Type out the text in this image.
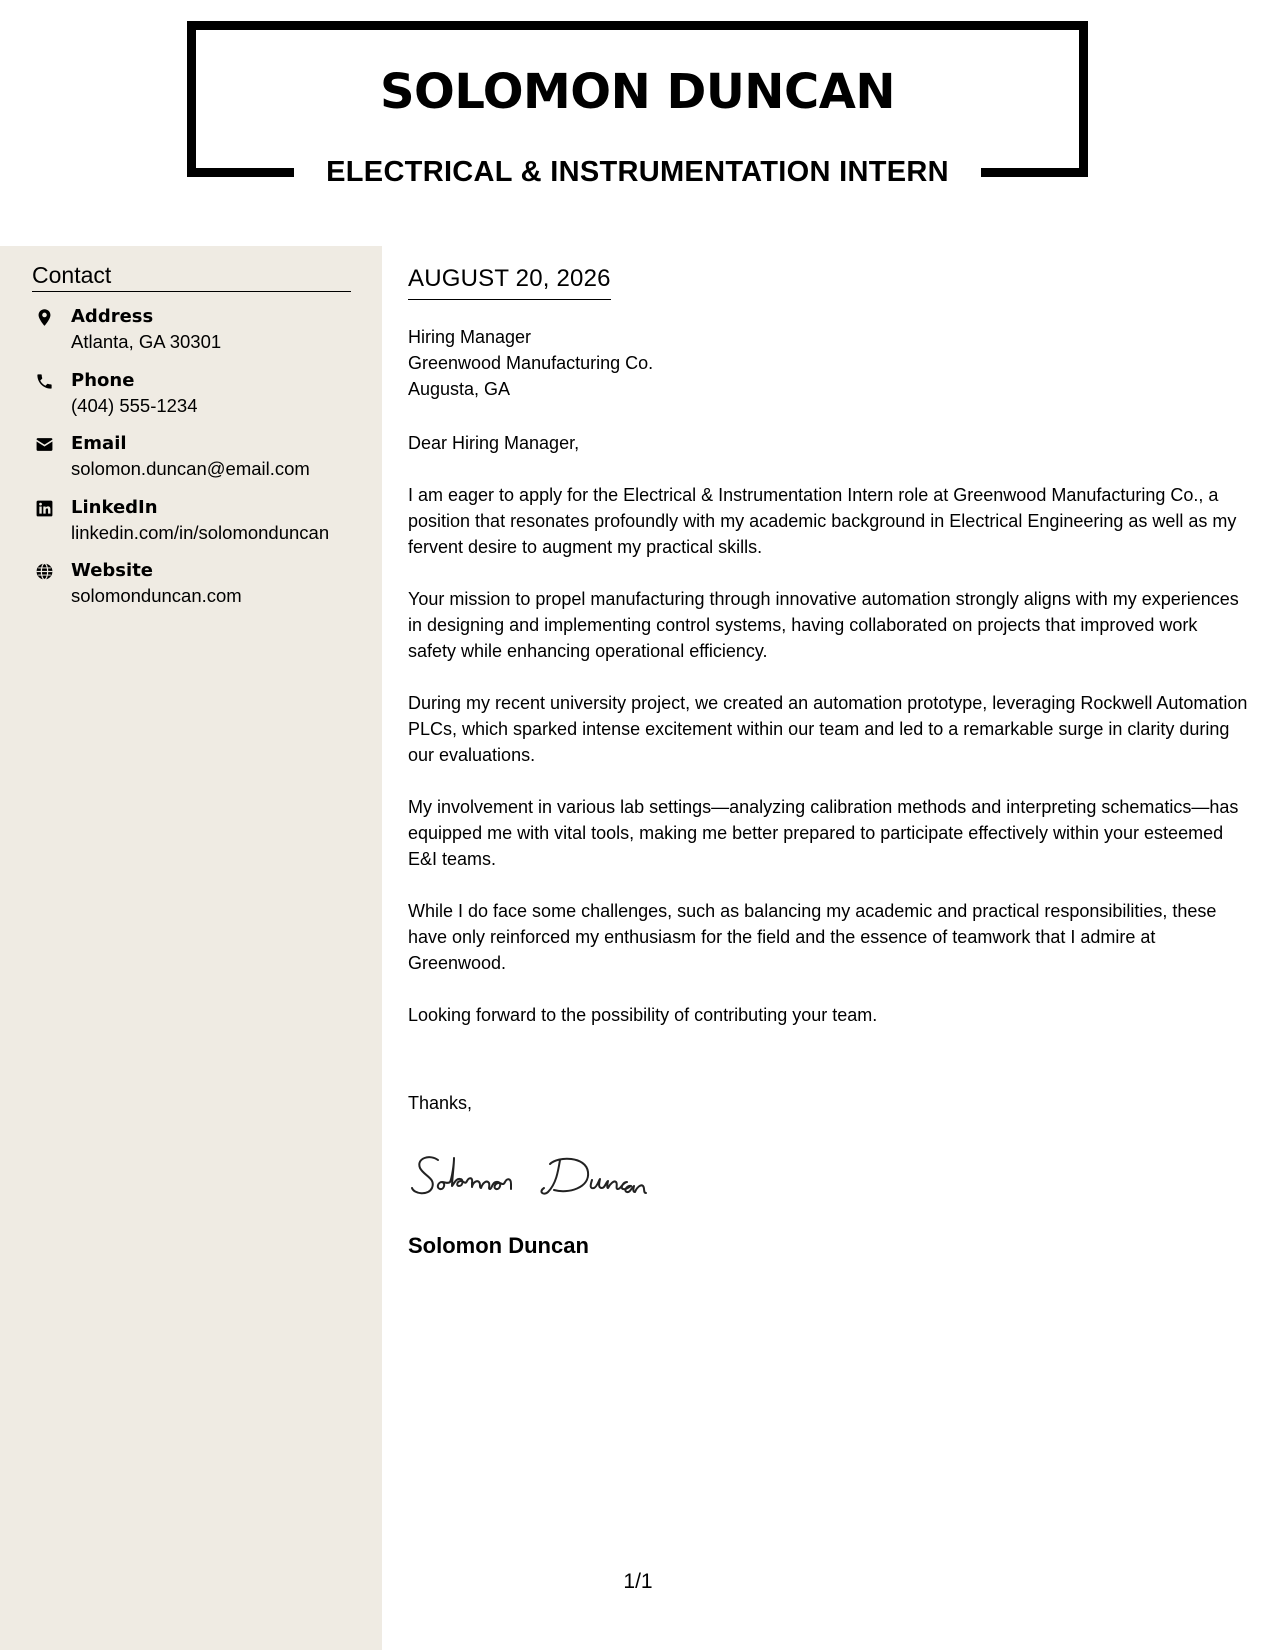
SOLOMON DUNCAN
ELECTRICAL & INSTRUMENTATION INTERN
Contact
Address
Atlanta, GA 30301
Phone
(404) 555-1234
Email
solomon.duncan@email.com
LinkedIn
linkedin.com/in/solomonduncan
Website
solomonduncan.com
AUGUST 20, 2026
Hiring Manager
Greenwood Manufacturing Co.
Augusta, GA
Dear Hiring Manager,

I am eager to apply for the Electrical & Instrumentation Intern role at Greenwood Manufacturing Co., a position that resonates profoundly with my academic background in Electrical Engineering as well as my fervent desire to augment my practical skills.

Your mission to propel manufacturing through innovative automation strongly aligns with my experiences in designing and implementing control systems, having collaborated on projects that improved work safety while enhancing operational efficiency.

During my recent university project, we created an automation prototype, leveraging Rockwell Automation PLCs, which sparked intense excitement within our team and led to a remarkable surge in clarity during our evaluations.

My involvement in various lab settings—analyzing calibration methods and interpreting schematics—has equipped me with vital tools, making me better prepared to participate effectively within your esteemed E&I teams.

While I do face some challenges, such as balancing my academic and practical responsibilities, these have only reinforced my enthusiasm for the field and the essence of teamwork that I admire at Greenwood.

Looking forward to the possibility of contributing your team.

Thanks,
Solomon Duncan
1/1
